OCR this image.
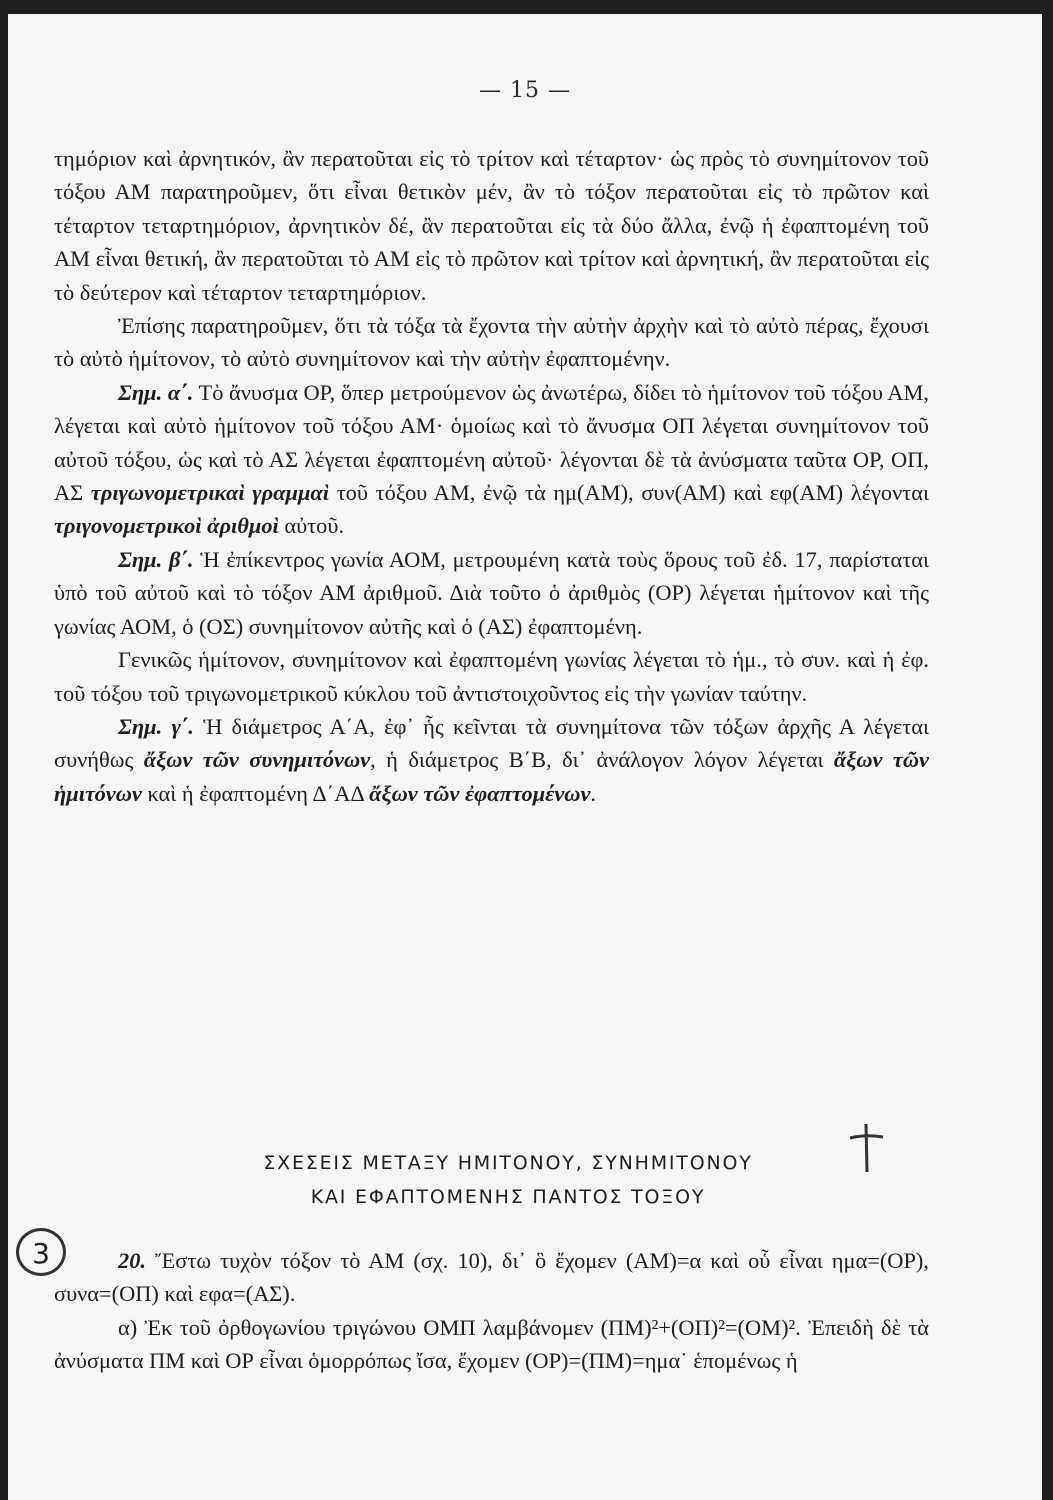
— 15 —

τημόριον καὶ ἀρνητικόν, ἂν περατοῦται εἰς τὸ τρίτον καὶ τέταρτον· ὡς πρὸς τὸ συνημίτονον τοῦ τόξου ΑΜ παρατηροῦμεν, ὅτι εἶναι θετικὸν μέν, ἂν τὸ τόξον περατοῦται εἰς τὸ πρῶτον καὶ τέταρτον τεταρτημόριον, ἀρνητικὸν δέ, ἂν περατοῦται εἰς τὰ δύο ἄλλα, ἐνῷ ἡ ἐφαπτομένη τοῦ ΑΜ εἶναι θετική, ἂν περατοῦται τὸ ΑΜ εἰς τὸ πρῶτον καὶ τρίτον καὶ ἀρνητική, ἂν περατοῦται εἰς τὸ δεύτερον καὶ τέταρτον τεταρτημόριον.

Ἐπίσης παρατηροῦμεν, ὅτι τὰ τόξα τὰ ἔχοντα τὴν αὐτὴν ἀρχὴν καὶ τὸ αὐτὸ πέρας, ἔχουσι τὸ αὐτὸ ἡμίτονον, τὸ αὐτὸ συνημίτονον καὶ τὴν αὐτὴν ἐφαπτομένην.

Σημ. α΄. Τὸ ἄνυσμα ΟΡ, ὅπερ μετρούμενον ὡς ἀνωτέρω, δίδει τὸ ἡμίτονον τοῦ τόξου ΑΜ, λέγεται καὶ αὐτὸ ἡμίτονον τοῦ τόξου ΑΜ· ὁμοίως καὶ τὸ ἄνυσμα ΟΠ λέγεται συνημίτονον τοῦ αὐτοῦ τόξου, ὡς καὶ τὸ ΑΣ λέγεται ἐφαπτομένη αὐτοῦ· λέγονται δὲ τὰ ἀνύσματα ταῦτα ΟΡ, ΟΠ, ΑΣ τριγωνομετρικαὶ γραμμαὶ τοῦ τόξου ΑΜ, ἐνῷ τὰ ημ(ΑΜ), συν(ΑΜ) καὶ εφ(ΑΜ) λέγονται τριγονομετρικοὶ ἀριθμοὶ αὐτοῦ.

Σημ. β΄. Ἡ ἐπίκεντρος γωνία ΑΟΜ, μετρουμένη κατὰ τοὺς ὅρους τοῦ ἐδ. 17, παρίσταται ὑπὸ τοῦ αὐτοῦ καὶ τὸ τόξον ΑΜ ἀριθμοῦ. Διὰ τοῦτο ὁ ἀριθμὸς (ΟΡ) λέγεται ἡμίτονον καὶ τῆς γωνίας ΑΟΜ, ὁ (ΟΣ) συνημίτονον αὐτῆς καὶ ὁ (ΑΣ) ἐφαπτομένη.

Γενικῶς ἡμίτονον, συνημίτονον καὶ ἐφαπτομένη γωνίας λέγεται τὸ ἡμ., τὸ συν. καὶ ἡ ἐφ. τοῦ τόξου τοῦ τριγωνομετρικοῦ κύκλου τοῦ ἀντιστοιχοῦντος εἰς τὴν γωνίαν ταύτην.

Σημ. γ΄. Ἡ διάμετρος Α΄Α, ἐφ᾽ ἧς κεῖνται τὰ συνημίτονα τῶν τόξων ἀρχῆς Α λέγεται συνήθως ἄξων τῶν συνημιτόνων, ἡ διάμετρος Β΄Β, δι᾽ ἀνάλογον λόγον λέγεται ἄξων τῶν ἡμιτόνων καὶ ἡ ἐφαπτομένη Δ΄ΑΔ ἄξων τῶν ἐφαπτομένων.

ΣΧΕΣΕΙΣ ΜΕΤΑΞΥ ΗΜΙΤΟΝΟΥ, ΣΥΝΗΜΙΤΟΝΟΥ
ΚΑΙ ΕΦΑΠΤΟΜΕΝΗΣ ΠΑΝΤΟΣ ΤΟΞΟΥ
3	20. Ἔστω τυχὸν τόξον τὸ ΑΜ (σχ. 10), δι᾽ ὃ ἔχομεν (ΑΜ)=α καὶ οὗ εἶναι ημα=(ΟΡ), συνα=(ΟΠ) καὶ εφα=(ΑΣ).

α) Ἐκ τοῦ ὀρθογωνίου τριγώνου ΟΜΠ λαμβάνομεν (ΠΜ)²+(ΟΠ)²=(ΟΜ)². Ἐπειδὴ δὲ τὰ ἀνύσματα ΠΜ καὶ ΟΡ εἶναι ὁμορρόπως ἴσα, ἔχομεν (ΟΡ)=(ΠΜ)=ημα˙ ἑπομένως ἡ
